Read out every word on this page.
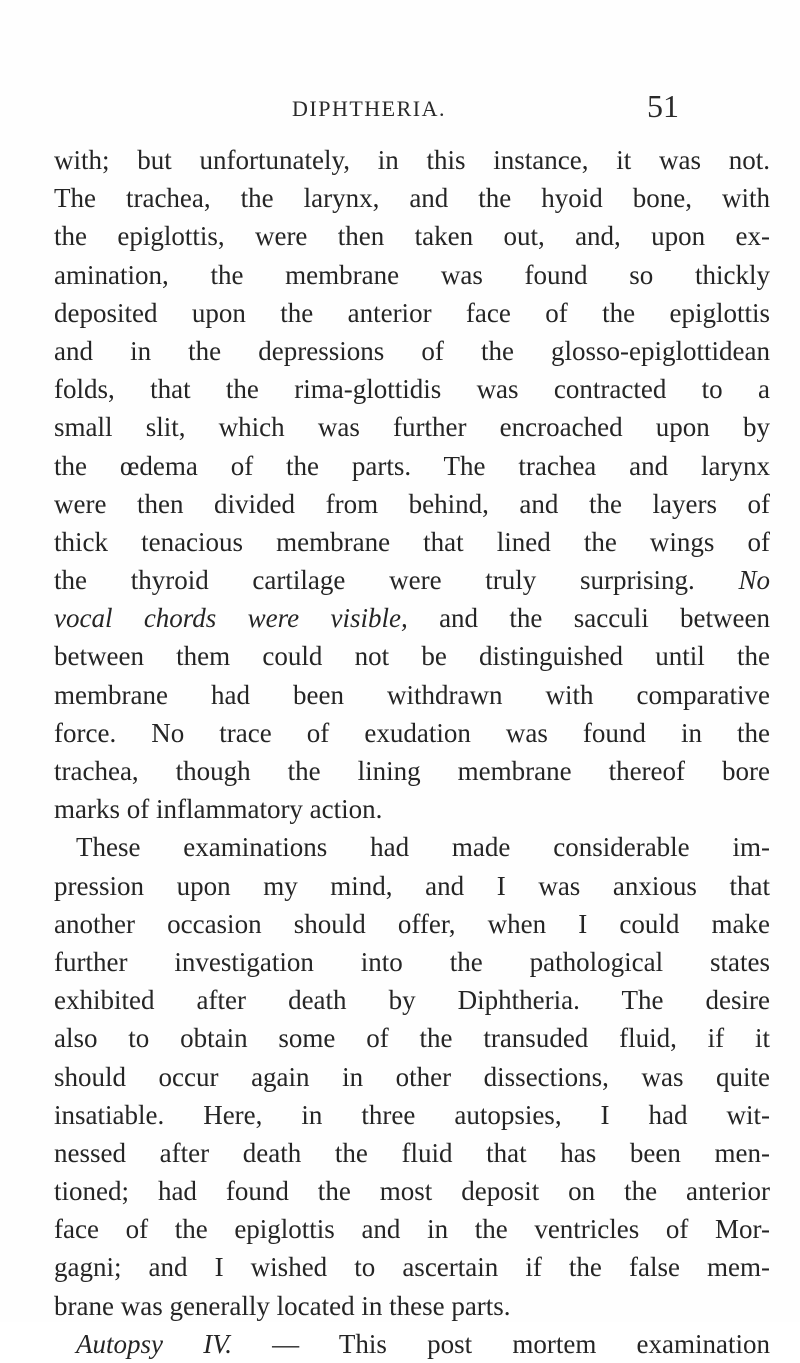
DIPHTHERIA.	51
with; but unfortunately, in this instance, it was not.
The trachea, the larynx, and the hyoid bone, with
the epiglottis, were then taken out, and, upon ex-
amination, the membrane was found so thickly
deposited upon the anterior face of the epiglottis
and in the depressions of the glosso-epiglottidean
folds, that the rima-glottidis was contracted to a
small slit, which was further encroached upon by
the œdema of the parts. The trachea and larynx
were then divided from behind, and the layers of
thick tenacious membrane that lined the wings of
the thyroid cartilage were truly surprising. No
vocal chords were visible, and the sacculi between
between them could not be distinguished until the
membrane had been withdrawn with comparative
force. No trace of exudation was found in the
trachea, though the lining membrane thereof bore
marks of inflammatory action.
These examinations had made considerable im-
pression upon my mind, and I was anxious that
another occasion should offer, when I could make
further investigation into the pathological states
exhibited after death by Diphtheria. The desire
also to obtain some of the transuded fluid, if it
should occur again in other dissections, was quite
insatiable. Here, in three autopsies, I had wit-
nessed after death the fluid that has been men-
tioned; had found the most deposit on the anterior
face of the epiglottis and in the ventricles of Mor-
gagni; and I wished to ascertain if the false mem-
brane was generally located in these parts.
Autopsy IV. — This post mortem examination
